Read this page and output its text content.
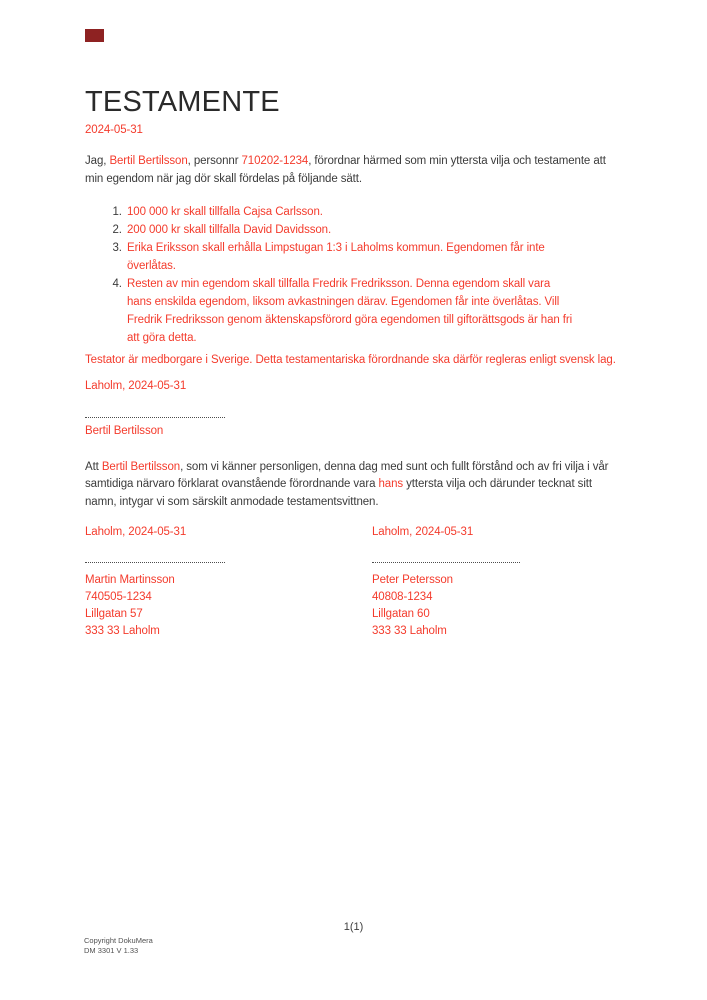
TESTAMENTE
2024-05-31

Jag, Bertil Bertilsson, personnr 710202-1234, förordnar härmed som min yttersta vilja och testamente att min egendom när jag dör skall fördelas på följande sätt.

1. 100 000 kr skall tillfalla Cajsa Carlsson.
2. 200 000 kr skall tillfalla David Davidsson.
3. Erika Eriksson skall erhålla Limpstugan 1:3 i Laholms kommun. Egendomen får inte överlåtas.
4. Resten av min egendom skall tillfalla Fredrik Fredriksson. Denna egendom skall vara hans enskilda egendom, liksom avkastningen därav. Egendomen får inte överlåtas. Vill Fredrik Fredriksson genom äktenskapsförord göra egendomen till giftorättsgods är han fri att göra detta.

Testator är medborgare i Sverige. Detta testamentariska förordnande ska därför regleras enligt svensk lag.

Laholm, 2024-05-31

Bertil Bertilsson

Att Bertil Bertilsson, som vi känner personligen, denna dag med sunt och fullt förstånd och av fri vilja i vår samtidiga närvaro förklarat ovanstående förordnande vara hans yttersta vilja och därunder tecknat sitt namn, intygar vi som särskilt anmodade testamentsvittnen.

Laholm, 2024-05-31
Martin Martinsson
740505-1234
Lillgatan 57
333 33 Laholm
Laholm, 2024-05-31
Peter Petersson
40808-1234
Lillgatan 60
333 33 Laholm
1(1)
Copyright DokuMera
DM 3301 V 1.33
